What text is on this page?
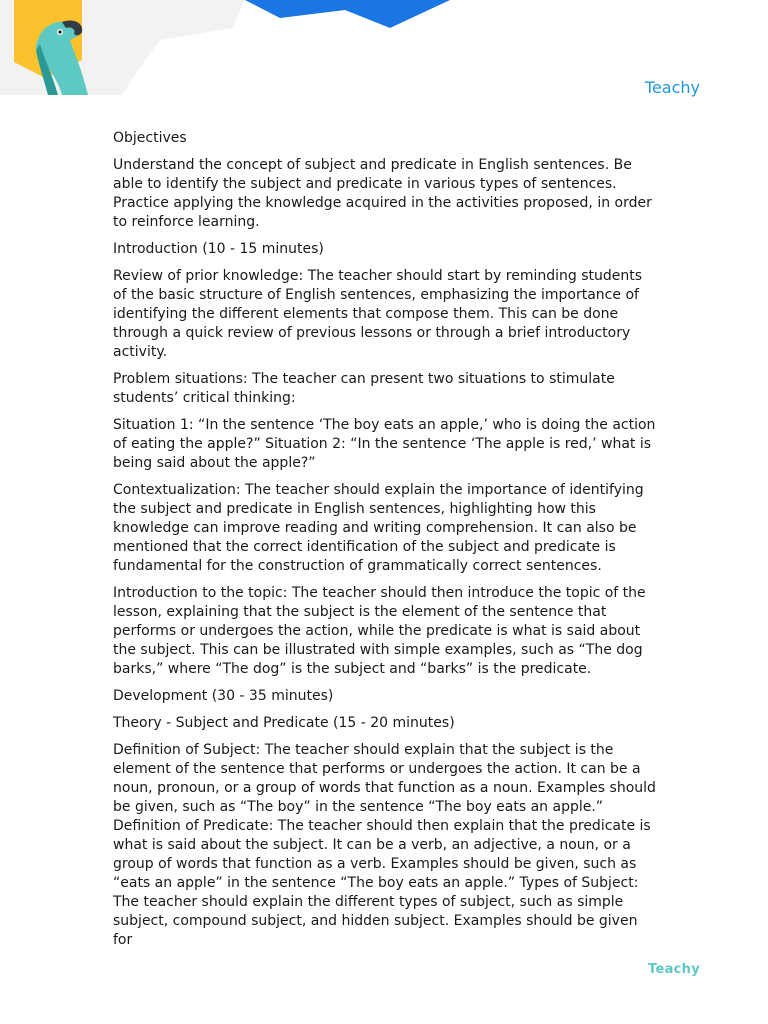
Teachy

Objectives

Understand the concept of subject and predicate in English sentences. Be able to identify the subject and predicate in various types of sentences. Practice applying the knowledge acquired in the activities proposed, in order to reinforce learning.

Introduction (10 - 15 minutes)

Review of prior knowledge: The teacher should start by reminding students of the basic structure of English sentences, emphasizing the importance of identifying the different elements that compose them. This can be done through a quick review of previous lessons or through a brief introductory activity.

Problem situations: The teacher can present two situations to stimulate students’ critical thinking:

Situation 1: “In the sentence ‘The boy eats an apple,’ who is doing the action of eating the apple?” Situation 2: “In the sentence ‘The apple is red,’ what is being said about the apple?”

Contextualization: The teacher should explain the importance of identifying the subject and predicate in English sentences, highlighting how this knowledge can improve reading and writing comprehension. It can also be mentioned that the correct identification of the subject and predicate is fundamental for the construction of grammatically correct sentences.

Introduction to the topic: The teacher should then introduce the topic of the lesson, explaining that the subject is the element of the sentence that performs or undergoes the action, while the predicate is what is said about the subject. This can be illustrated with simple examples, such as “The dog barks,” where “The dog” is the subject and “barks” is the predicate.

Development (30 - 35 minutes)

Theory - Subject and Predicate (15 - 20 minutes)

Definition of Subject: The teacher should explain that the subject is the element of the sentence that performs or undergoes the action. It can be a noun, pronoun, or a group of words that function as a noun. Examples should be given, such as “The boy” in the sentence “The boy eats an apple.” Definition of Predicate: The teacher should then explain that the predicate is what is said about the subject. It can be a verb, an adjective, a noun, or a group of words that function as a verb. Examples should be given, such as “eats an apple” in the sentence “The boy eats an apple.” Types of Subject: The teacher should explain the different types of subject, such as simple subject, compound subject, and hidden subject. Examples should be given for

Teachy
